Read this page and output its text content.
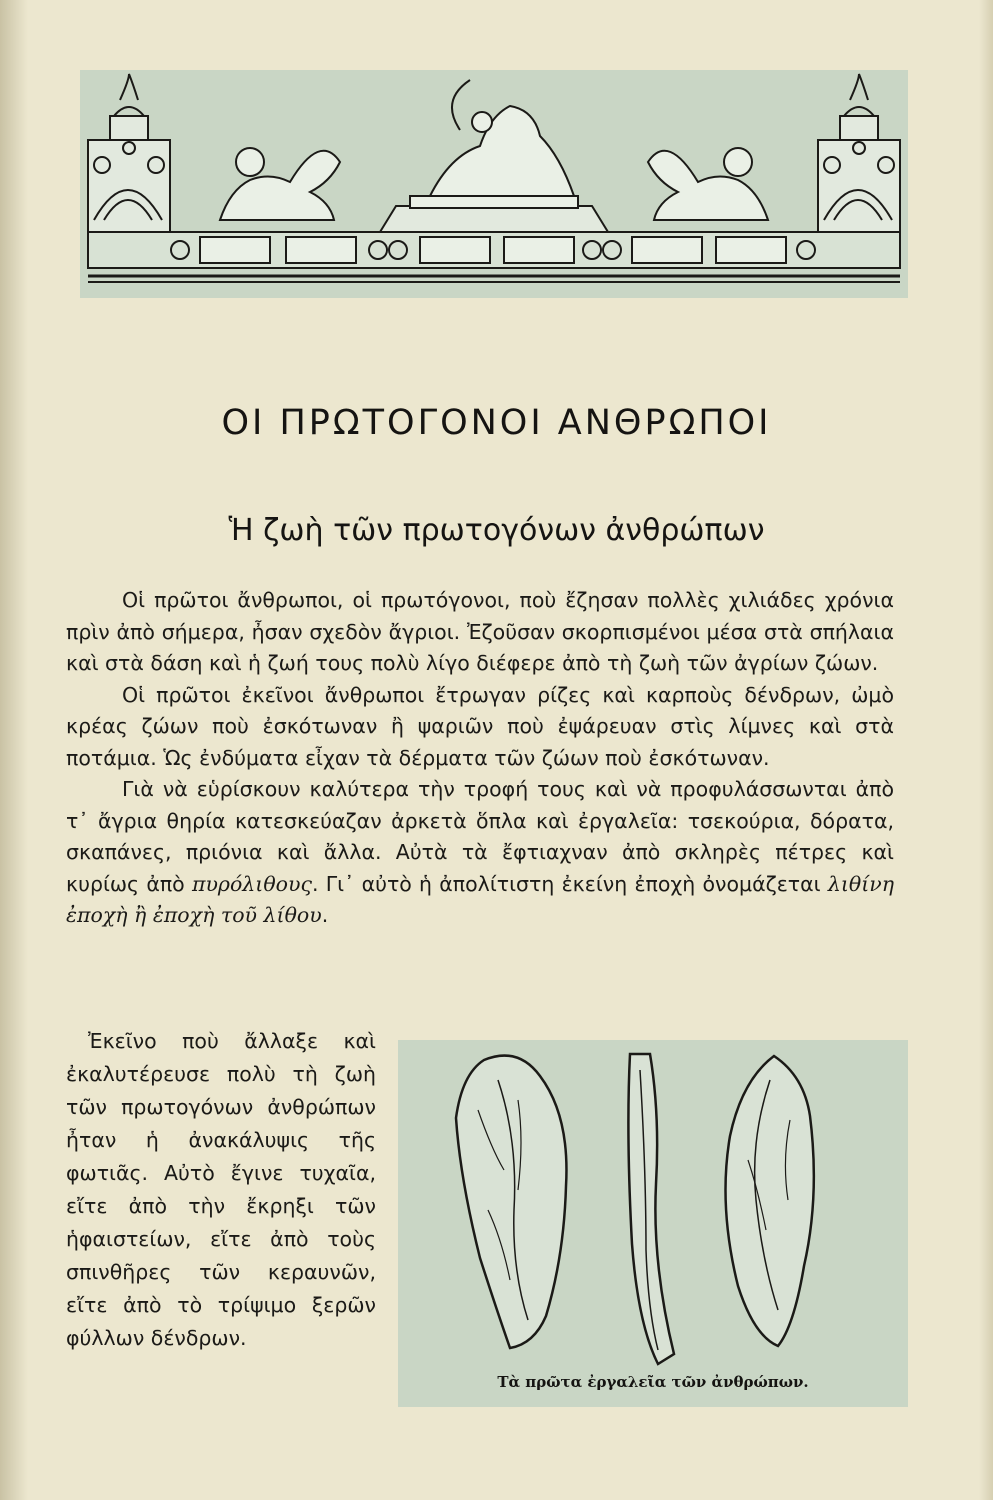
ΟΙ ΠΡΩΤΟΓΟΝΟΙ ΑΝΘΡΩΠΟΙ
Ἡ ζωὴ τῶν πρωτογόνων ἀνθρώπων

Οἱ πρῶτοι ἄνθρωποι, οἱ πρωτόγονοι, ποὺ ἔζησαν πολλὲς χιλιάδες χρόνια πρὶν ἀπὸ σήμερα, ἦσαν σχεδὸν ἄγριοι. Ἐζοῦσαν σκορπισμένοι μέσα στὰ σπήλαια καὶ στὰ δάση καὶ ἡ ζωή τους πολὺ λίγο διέφερε ἀπὸ τὴ ζωὴ τῶν ἀγρίων ζώων.

Οἱ πρῶτοι ἐκεῖνοι ἄνθρωποι ἔτρωγαν ρίζες καὶ καρποὺς δένδρων, ὠμὸ κρέας ζώων ποὺ ἐσκότωναν ἢ ψαριῶν ποὺ ἐψάρευαν στὶς λίμνες καὶ στὰ ποτάμια. Ὡς ἐνδύματα εἶχαν τὰ δέρματα τῶν ζώων ποὺ ἐσκότωναν.

Γιὰ νὰ εὑρίσκουν καλύτερα τὴν τροφή τους καὶ νὰ προφυλάσσωνται ἀπὸ τ᾿ ἄγρια θηρία κατεσκεύαζαν ἀρκετὰ ὅπλα καὶ ἐργαλεῖα: τσεκούρια, δόρατα, σκαπάνες, πριόνια καὶ ἄλλα. Αὐτὰ τὰ ἔφτιαχναν ἀπὸ σκληρὲς πέτρες καὶ κυρίως ἀπὸ πυρόλιθους. Γι᾿ αὐτὸ ἡ ἀπολίτιστη ἐκείνη ἐποχὴ ὀνομάζεται λιθίνη ἐποχὴ ἢ ἐποχὴ τοῦ λίθου.

Ἐκεῖνο ποὺ ἄλλαξε καὶ ἐκαλυτέρευσε πολὺ τὴ ζωὴ τῶν πρωτογόνων ἀνθρώπων ἦταν ἡ ἀνακάλυψις τῆς φωτιᾶς. Αὐτὸ ἔγινε τυχαῖα, εἴτε ἀπὸ τὴν ἔκρηξι τῶν ἡφαιστείων, εἴτε ἀπὸ τοὺς σπινθῆρες τῶν κεραυνῶν, εἴτε ἀπὸ τὸ τρίψιμο ξερῶν φύλλων δένδρων.

Τὰ πρῶτα ἐργαλεῖα τῶν ἀνθρώπων.
